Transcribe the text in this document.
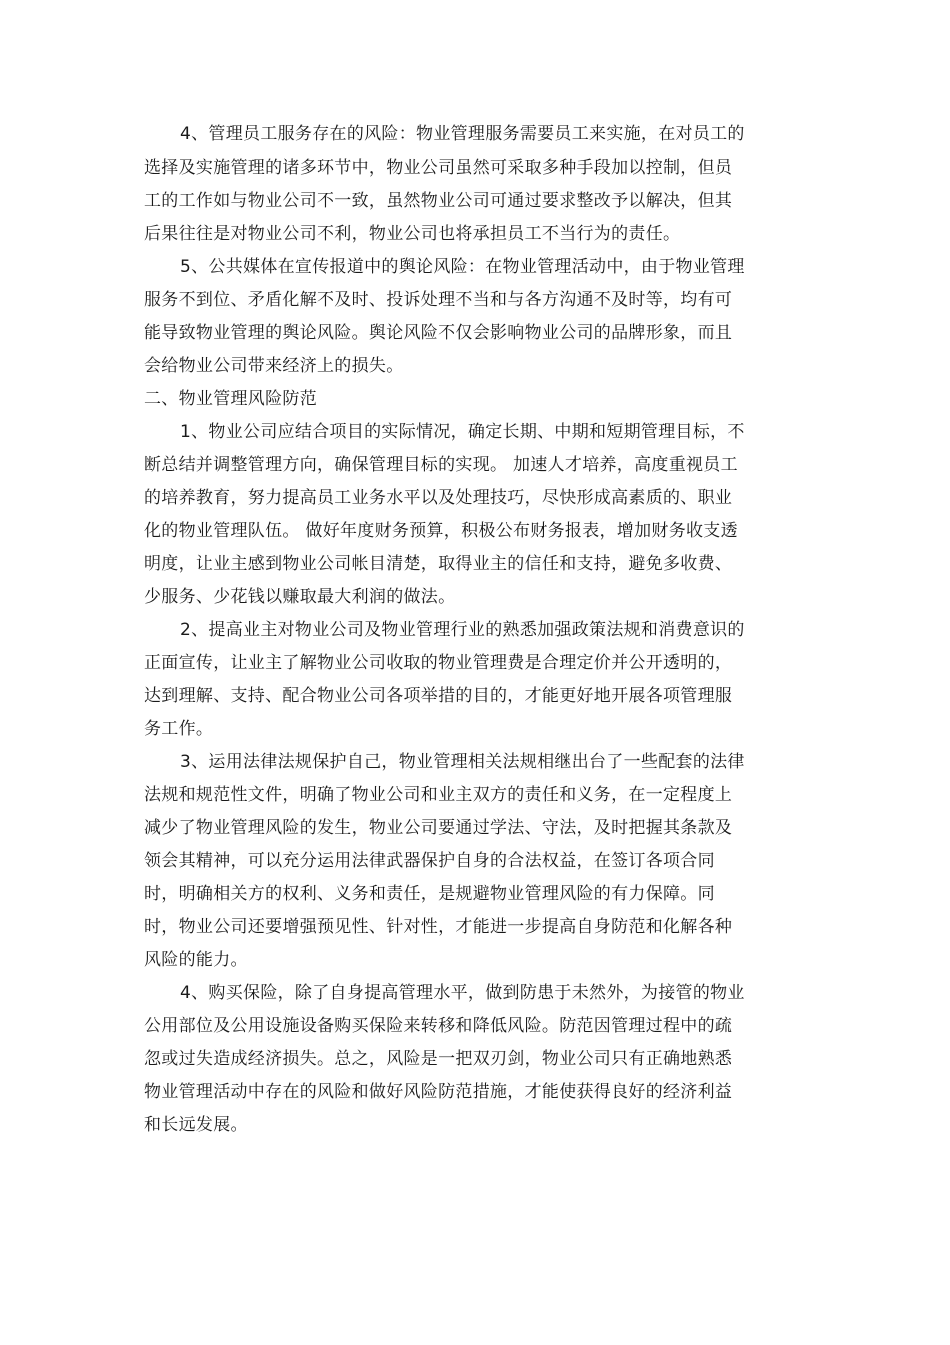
4、管理员工服务存在的风险：物业管理服务需要员工来实施，在对员工的
选择及实施管理的诸多环节中，物业公司虽然可采取多种手段加以控制，但员
工的工作如与物业公司不一致，虽然物业公司可通过要求整改予以解决，但其
后果往往是对物业公司不利，物业公司也将承担员工不当行为的责任。
5、公共媒体在宣传报道中的舆论风险：在物业管理活动中，由于物业管理
服务不到位、矛盾化解不及时、投诉处理不当和与各方沟通不及时等，均有可
能导致物业管理的舆论风险。舆论风险不仅会影响物业公司的品牌形象，而且
会给物业公司带来经济上的损失。
二、物业管理风险防范
1、物业公司应结合项目的实际情况，确定长期、中期和短期管理目标，不
断总结并调整管理方向，确保管理目标的实现。 加速人才培养，高度重视员工
的培养教育，努力提高员工业务水平以及处理技巧，尽快形成高素质的、职业
化的物业管理队伍。 做好年度财务预算，积极公布财务报表，增加财务收支透
明度，让业主感到物业公司帐目清楚，取得业主的信任和支持，避免多收费、
少服务、少花钱以赚取最大利润的做法。
2、提高业主对物业公司及物业管理行业的熟悉加强政策法规和消费意识的
正面宣传，让业主了解物业公司收取的物业管理费是合理定价并公开透明的，
达到理解、支持、配合物业公司各项举措的目的，才能更好地开展各项管理服
务工作。
3、运用法律法规保护自己，物业管理相关法规相继出台了一些配套的法律
法规和规范性文件，明确了物业公司和业主双方的责任和义务，在一定程度上
减少了物业管理风险的发生，物业公司要通过学法、守法，及时把握其条款及
领会其精神，可以充分运用法律武器保护自身的合法权益，在签订各项合同
时，明确相关方的权利、义务和责任，是规避物业管理风险的有力保障。同
时，物业公司还要增强预见性、针对性，才能进一步提高自身防范和化解各种
风险的能力。
4、购买保险，除了自身提高管理水平，做到防患于未然外，为接管的物业
公用部位及公用设施设备购买保险来转移和降低风险。防范因管理过程中的疏
忽或过失造成经济损失。总之，风险是一把双刃剑，物业公司只有正确地熟悉
物业管理活动中存在的风险和做好风险防范措施，才能使获得良好的经济利益
和长远发展。
